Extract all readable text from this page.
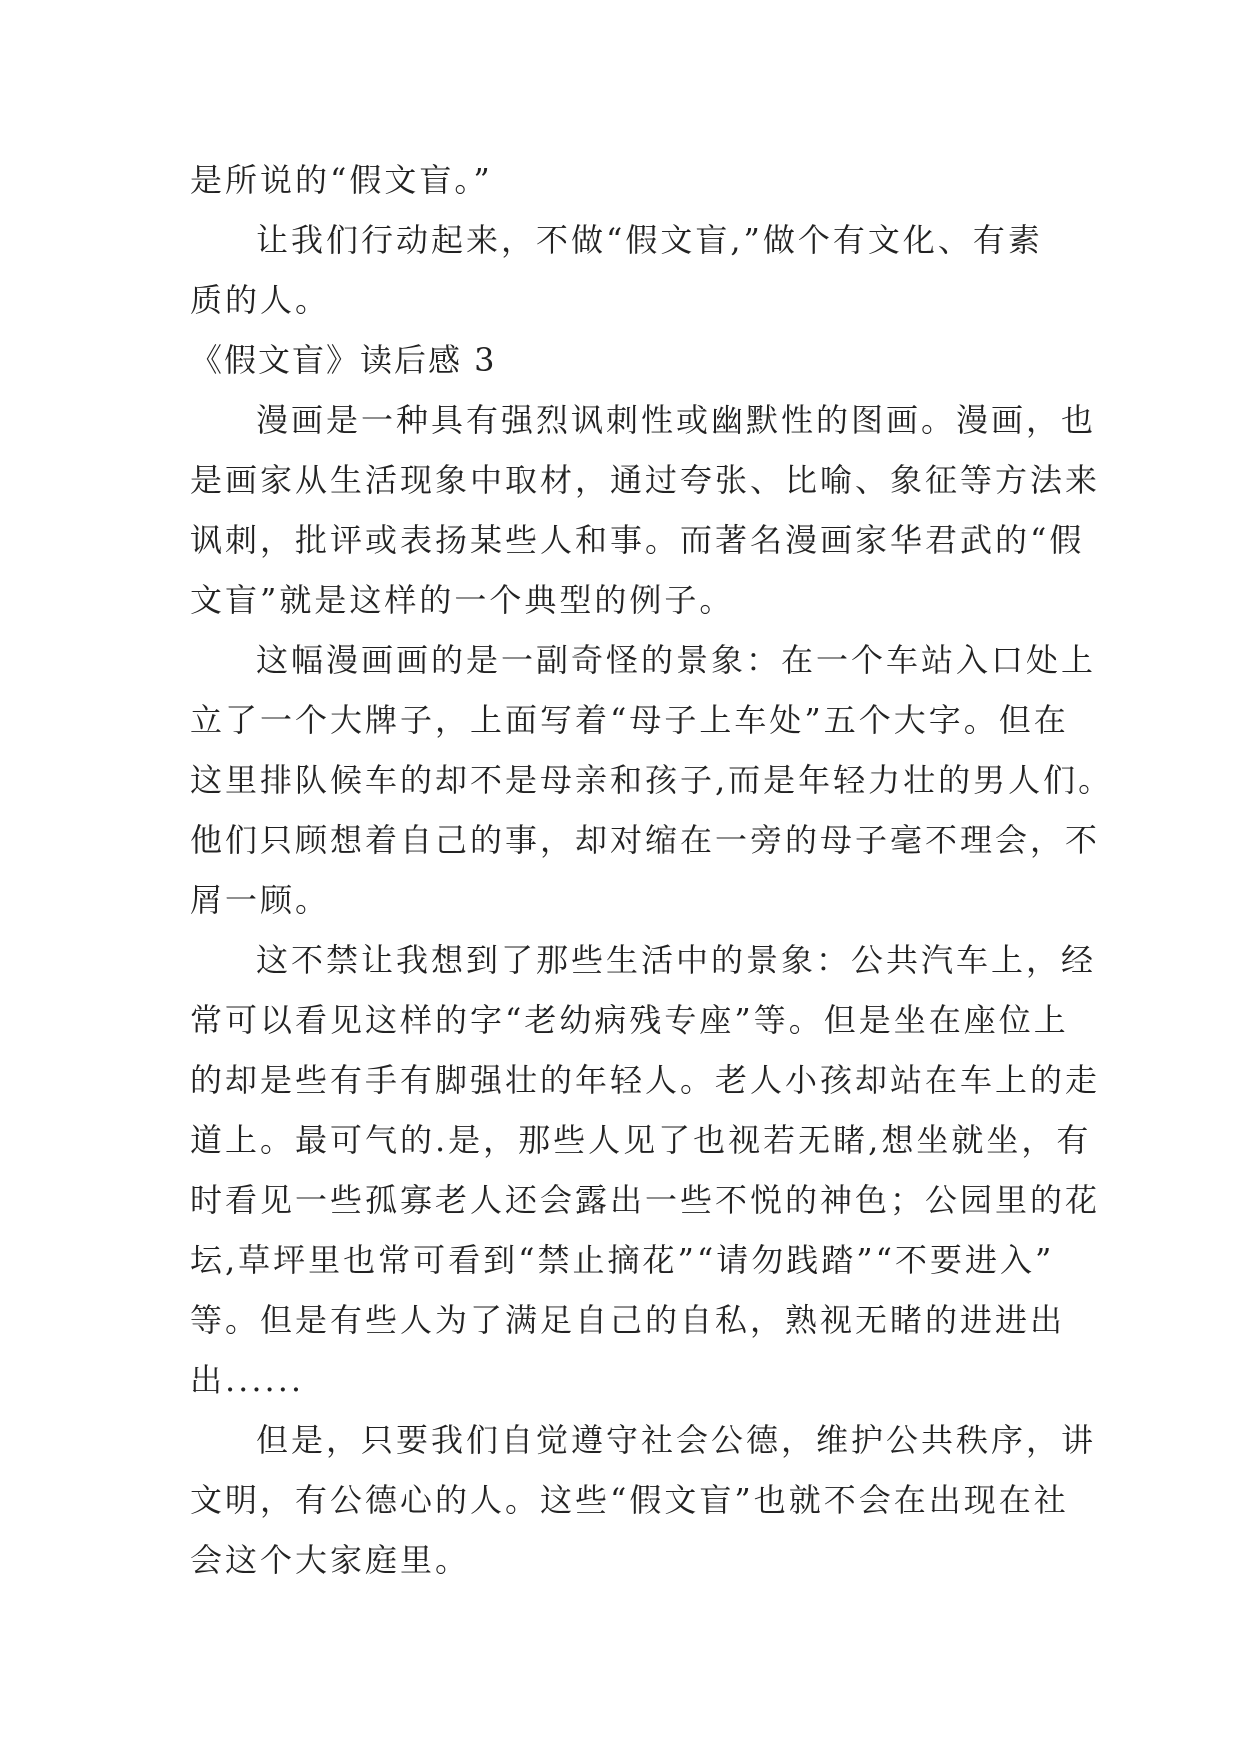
是所说的“假文盲。”
让我们行动起来，不做“假文盲,”做个有文化、有素
质的人。
《假文盲》读后感 3
漫画是一种具有强烈讽刺性或幽默性的图画。漫画，也
是画家从生活现象中取材，通过夸张、比喻、象征等方法来
讽刺，批评或表扬某些人和事。而著名漫画家华君武的“假
文盲”就是这样的一个典型的例子。
这幅漫画画的是一副奇怪的景象：在一个车站入口处上
立了一个大牌子，上面写着“母子上车处”五个大字。但在
这里排队候车的却不是母亲和孩子,而是年轻力壮的男人们。
他们只顾想着自己的事，却对缩在一旁的母子毫不理会，不
屑一顾。
这不禁让我想到了那些生活中的景象：公共汽车上，经
常可以看见这样的字“老幼病残专座”等。但是坐在座位上
的却是些有手有脚强壮的年轻人。老人小孩却站在车上的走
道上。最可气的.是，那些人见了也视若无睹,想坐就坐，有
时看见一些孤寡老人还会露出一些不悦的神色；公园里的花
坛,草坪里也常可看到“禁止摘花”“请勿践踏”“不要进入”
等。但是有些人为了满足自己的自私，熟视无睹的进进出
出......
但是，只要我们自觉遵守社会公德，维护公共秩序，讲
文明，有公德心的人。这些“假文盲”也就不会在出现在社
会这个大家庭里。
